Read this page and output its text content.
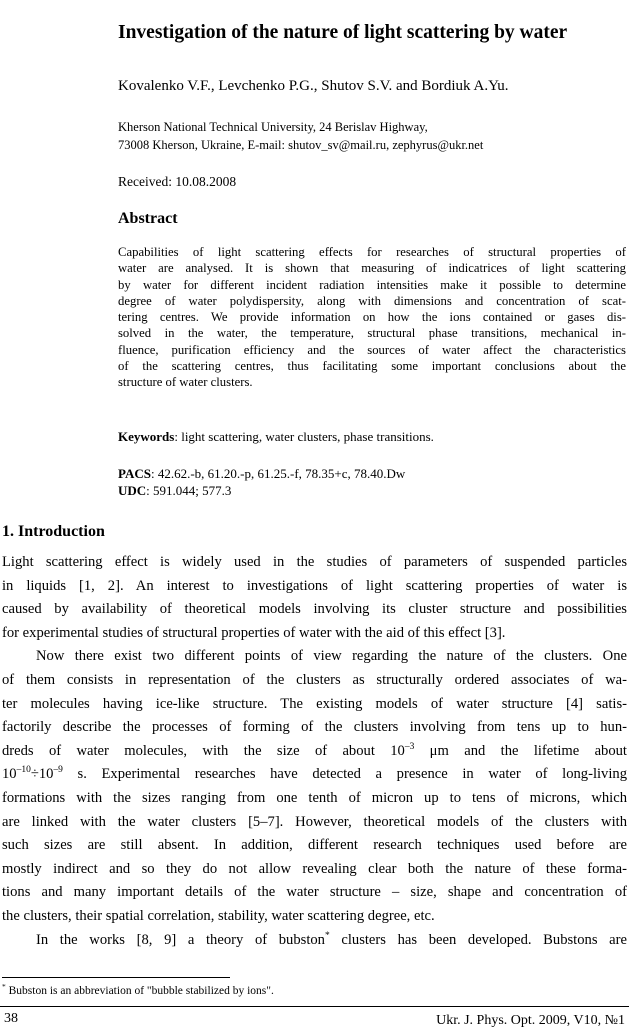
Investigation of the nature of light scattering by water
Kovalenko V.F., Levchenko P.G., Shutov S.V. and Bordiuk A.Yu.
Kherson National Technical University, 24 Berislav Highway,
73008 Kherson, Ukraine, E-mail: shutov_sv@mail.ru, zephyrus@ukr.net
Received: 10.08.2008
Abstract
Capabilities of light scattering effects for researches of structural properties of
water are analysed. It is shown that measuring of indicatrices of light scattering
by water for different incident radiation intensities make it possible to determine
degree of water polydispersity, along with dimensions and concentration of scat-
tering centres. We provide information on how the ions contained or gases dis-
solved in the water, the temperature, structural phase transitions, mechanical in-
fluence, purification efficiency and the sources of water affect the characteristics
of the scattering centres, thus facilitating some important conclusions about the
structure of water clusters.
Keywords: light scattering, water clusters, phase transitions.
PACS: 42.62.-b, 61.20.-p, 61.25.-f, 78.35+c, 78.40.Dw
UDC: 591.044; 577.3
1. Introduction
Light scattering effect is widely used in the studies of parameters of suspended particles
in liquids [1, 2]. An interest to investigations of light scattering properties of water is
caused by availability of theoretical models involving its cluster structure and possibilities
for experimental studies of structural properties of water with the aid of this effect [3].
Now there exist two different points of view regarding the nature of the clusters. One
of them consists in representation of the clusters as structurally ordered associates of wa-
ter molecules having ice-like structure. The existing models of water structure [4] satis-
factorily describe the processes of forming of the clusters involving from tens up to hun-
dreds of water molecules, with the size of about $10^{-3}$ μm and the lifetime about
$10^{-10}\div 10^{-9}$ s. Experimental researches have detected a presence in water of long-living
formations with the sizes ranging from one tenth of micron up to tens of microns, which
are linked with the water clusters [5–7]. However, theoretical models of the clusters with
such sizes are still absent. In addition, different research techniques used before are
mostly indirect and so they do not allow revealing clear both the nature of these forma-
tions and many important details of the water structure – size, shape and concentration of
the clusters, their spatial correlation, stability, water scattering degree, etc.
In the works [8, 9] a theory of bubston* clusters has been developed. Bubstons are
* Bubston is an abbreviation of "bubble stabilized by ions".
38	Ukr. J. Phys. Opt. 2009, V10, №1
